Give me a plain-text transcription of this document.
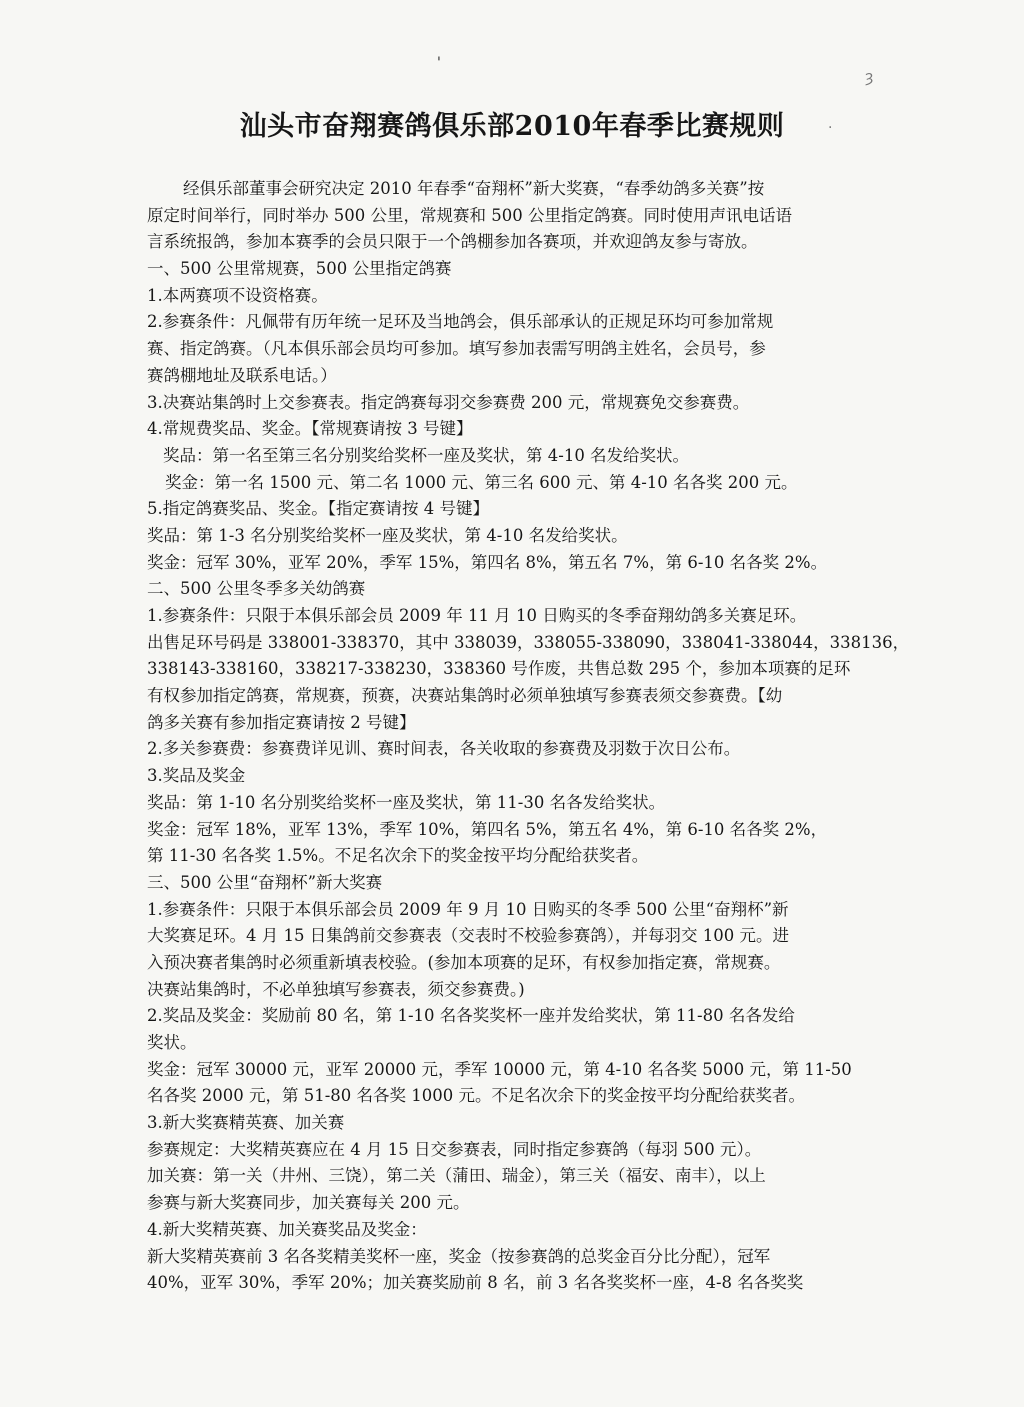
'
ȝ
.
汕头市奋翔赛鸽俱乐部2010年春季比赛规则
经俱乐部董事会研究决定 2010 年春季“奋翔杯”新大奖赛，“春季幼鸽多关赛”按
原定时间举行，同时举办 500 公里，常规赛和 500 公里指定鸽赛。同时使用声讯电话语
言系统报鸽，参加本赛季的会员只限于一个鸽棚参加各赛项，并欢迎鸽友参与寄放。
一、500 公里常规赛，500 公里指定鸽赛
1.本两赛项不设资格赛。
2.参赛条件：凡佩带有历年统一足环及当地鸽会，俱乐部承认的正规足环均可参加常规
赛、指定鸽赛。（凡本俱乐部会员均可参加。填写参加表需写明鸽主姓名，会员号，参
赛鸽棚地址及联系电话。）
3.决赛站集鸽时上交参赛表。指定鸽赛每羽交参赛费 200 元，常规赛免交参赛费。
4.常规费奖品、奖金。【常规赛请按 3 号键】
奖品：第一名至第三名分别奖给奖杯一座及奖状，第 4-10 名发给奖状。
奖金：第一名 1500 元、第二名 1000 元、第三名 600 元、第 4-10 名各奖 200 元。
5.指定鸽赛奖品、奖金。【指定赛请按 4 号键】
奖品：第 1-3 名分别奖给奖杯一座及奖状，第 4-10 名发给奖状。
奖金：冠军 30%，亚军 20%，季军 15%，第四名 8%，第五名 7%，第 6-10 名各奖 2%。
二、500 公里冬季多关幼鸽赛
1.参赛条件：只限于本俱乐部会员 2009 年 11 月 10 日购买的冬季奋翔幼鸽多关赛足环。
出售足环号码是 338001-338370，其中 338039，338055-338090，338041-338044，338136，
338143-338160，338217-338230，338360 号作废，共售总数 295 个，参加本项赛的足环
有权参加指定鸽赛，常规赛，预赛，决赛站集鸽时必须单独填写参赛表须交参赛费。【幼
鸽多关赛有参加指定赛请按 2 号键】
2.多关参赛费：参赛费详见训、赛时间表，各关收取的参赛费及羽数于次日公布。
3.奖品及奖金
奖品：第 1-10 名分别奖给奖杯一座及奖状，第 11-30 名各发给奖状。
奖金：冠军 18%，亚军 13%，季军 10%，第四名 5%，第五名 4%，第 6-10 名各奖 2%，
第 11-30 名各奖 1.5%。不足名次余下的奖金按平均分配给获奖者。
三、500 公里“奋翔杯”新大奖赛
1.参赛条件：只限于本俱乐部会员 2009 年 9 月 10 日购买的冬季 500 公里“奋翔杯”新
大奖赛足环。4 月 15 日集鸽前交参赛表（交表时不校验参赛鸽），并每羽交 100 元。进
入预决赛者集鸽时必须重新填表校验。(参加本项赛的足环，有权参加指定赛，常规赛。
决赛站集鸽时，不必单独填写参赛表，须交参赛费。)
2.奖品及奖金：奖励前 80 名，第 1-10 名各奖奖杯一座并发给奖状，第 11-80 名各发给
奖状。
奖金：冠军 30000 元，亚军 20000 元，季军 10000 元，第 4-10 名各奖 5000 元，第 11-50
名各奖 2000 元，第 51-80 名各奖 1000 元。不足名次余下的奖金按平均分配给获奖者。
3.新大奖赛精英赛、加关赛
参赛规定：大奖精英赛应在 4 月 15 日交参赛表，同时指定参赛鸽（每羽 500 元）。
加关赛：第一关（井州、三饶），第二关（蒲田、瑞金），第三关（福安、南丰），以上
参赛与新大奖赛同步，加关赛每关 200 元。
4.新大奖精英赛、加关赛奖品及奖金：
新大奖精英赛前 3 名各奖精美奖杯一座，奖金（按参赛鸽的总奖金百分比分配），冠军
40%，亚军 30%，季军 20%；加关赛奖励前 8 名，前 3 名各奖奖杯一座，4-8 名各奖奖
